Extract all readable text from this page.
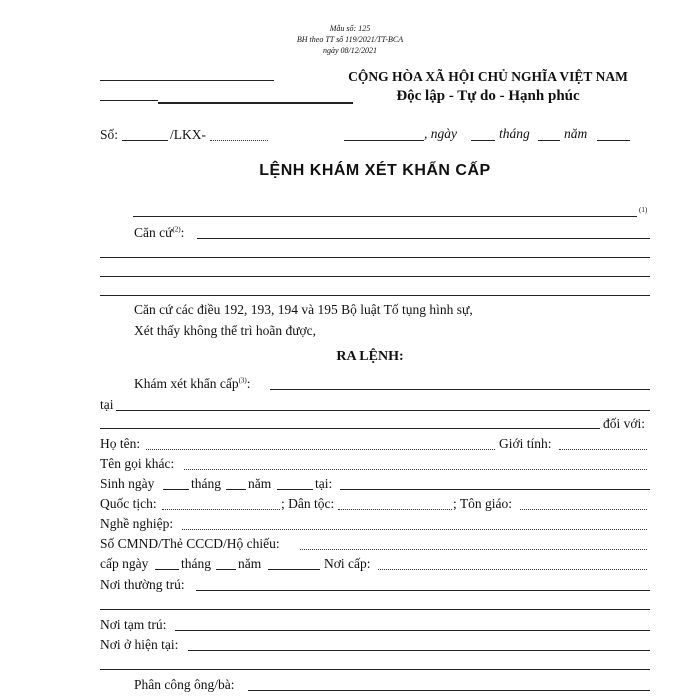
Mẫu số: 125
BH theo TT số 119/2021/TT-BCA
ngày 08/12/2021
CỘNG HÒA XÃ HỘI CHỦ NGHĨA VIỆT NAM
Độc lập - Tự do - Hạnh phúc
Số:	/LKX-	, ngày	tháng	năm
LỆNH KHÁM XÉT KHẨN CẤP
(1)
Căn cứ$^{(2)}$:
Căn cứ các điều 192, 193, 194 và 195 Bộ luật Tố tụng hình sự,
Xét thấy không thể trì hoãn được,
RA LỆNH:
Khám xét khẩn cấp$^{(3)}$:
tại
đối với:
Họ tên:	Giới tính:
Tên gọi khác:
Sinh ngày	tháng năm	tại:
Quốc tịch:	; Dân tộc:	; Tôn giáo:
Nghề nghiệp:
Số CMND/Thẻ CCCD/Hộ chiếu:
cấp ngày tháng năm	Nơi cấp:
Nơi thường trú:
Nơi tạm trú:
Nơi ở hiện tại:
Phân công ông/bà:
